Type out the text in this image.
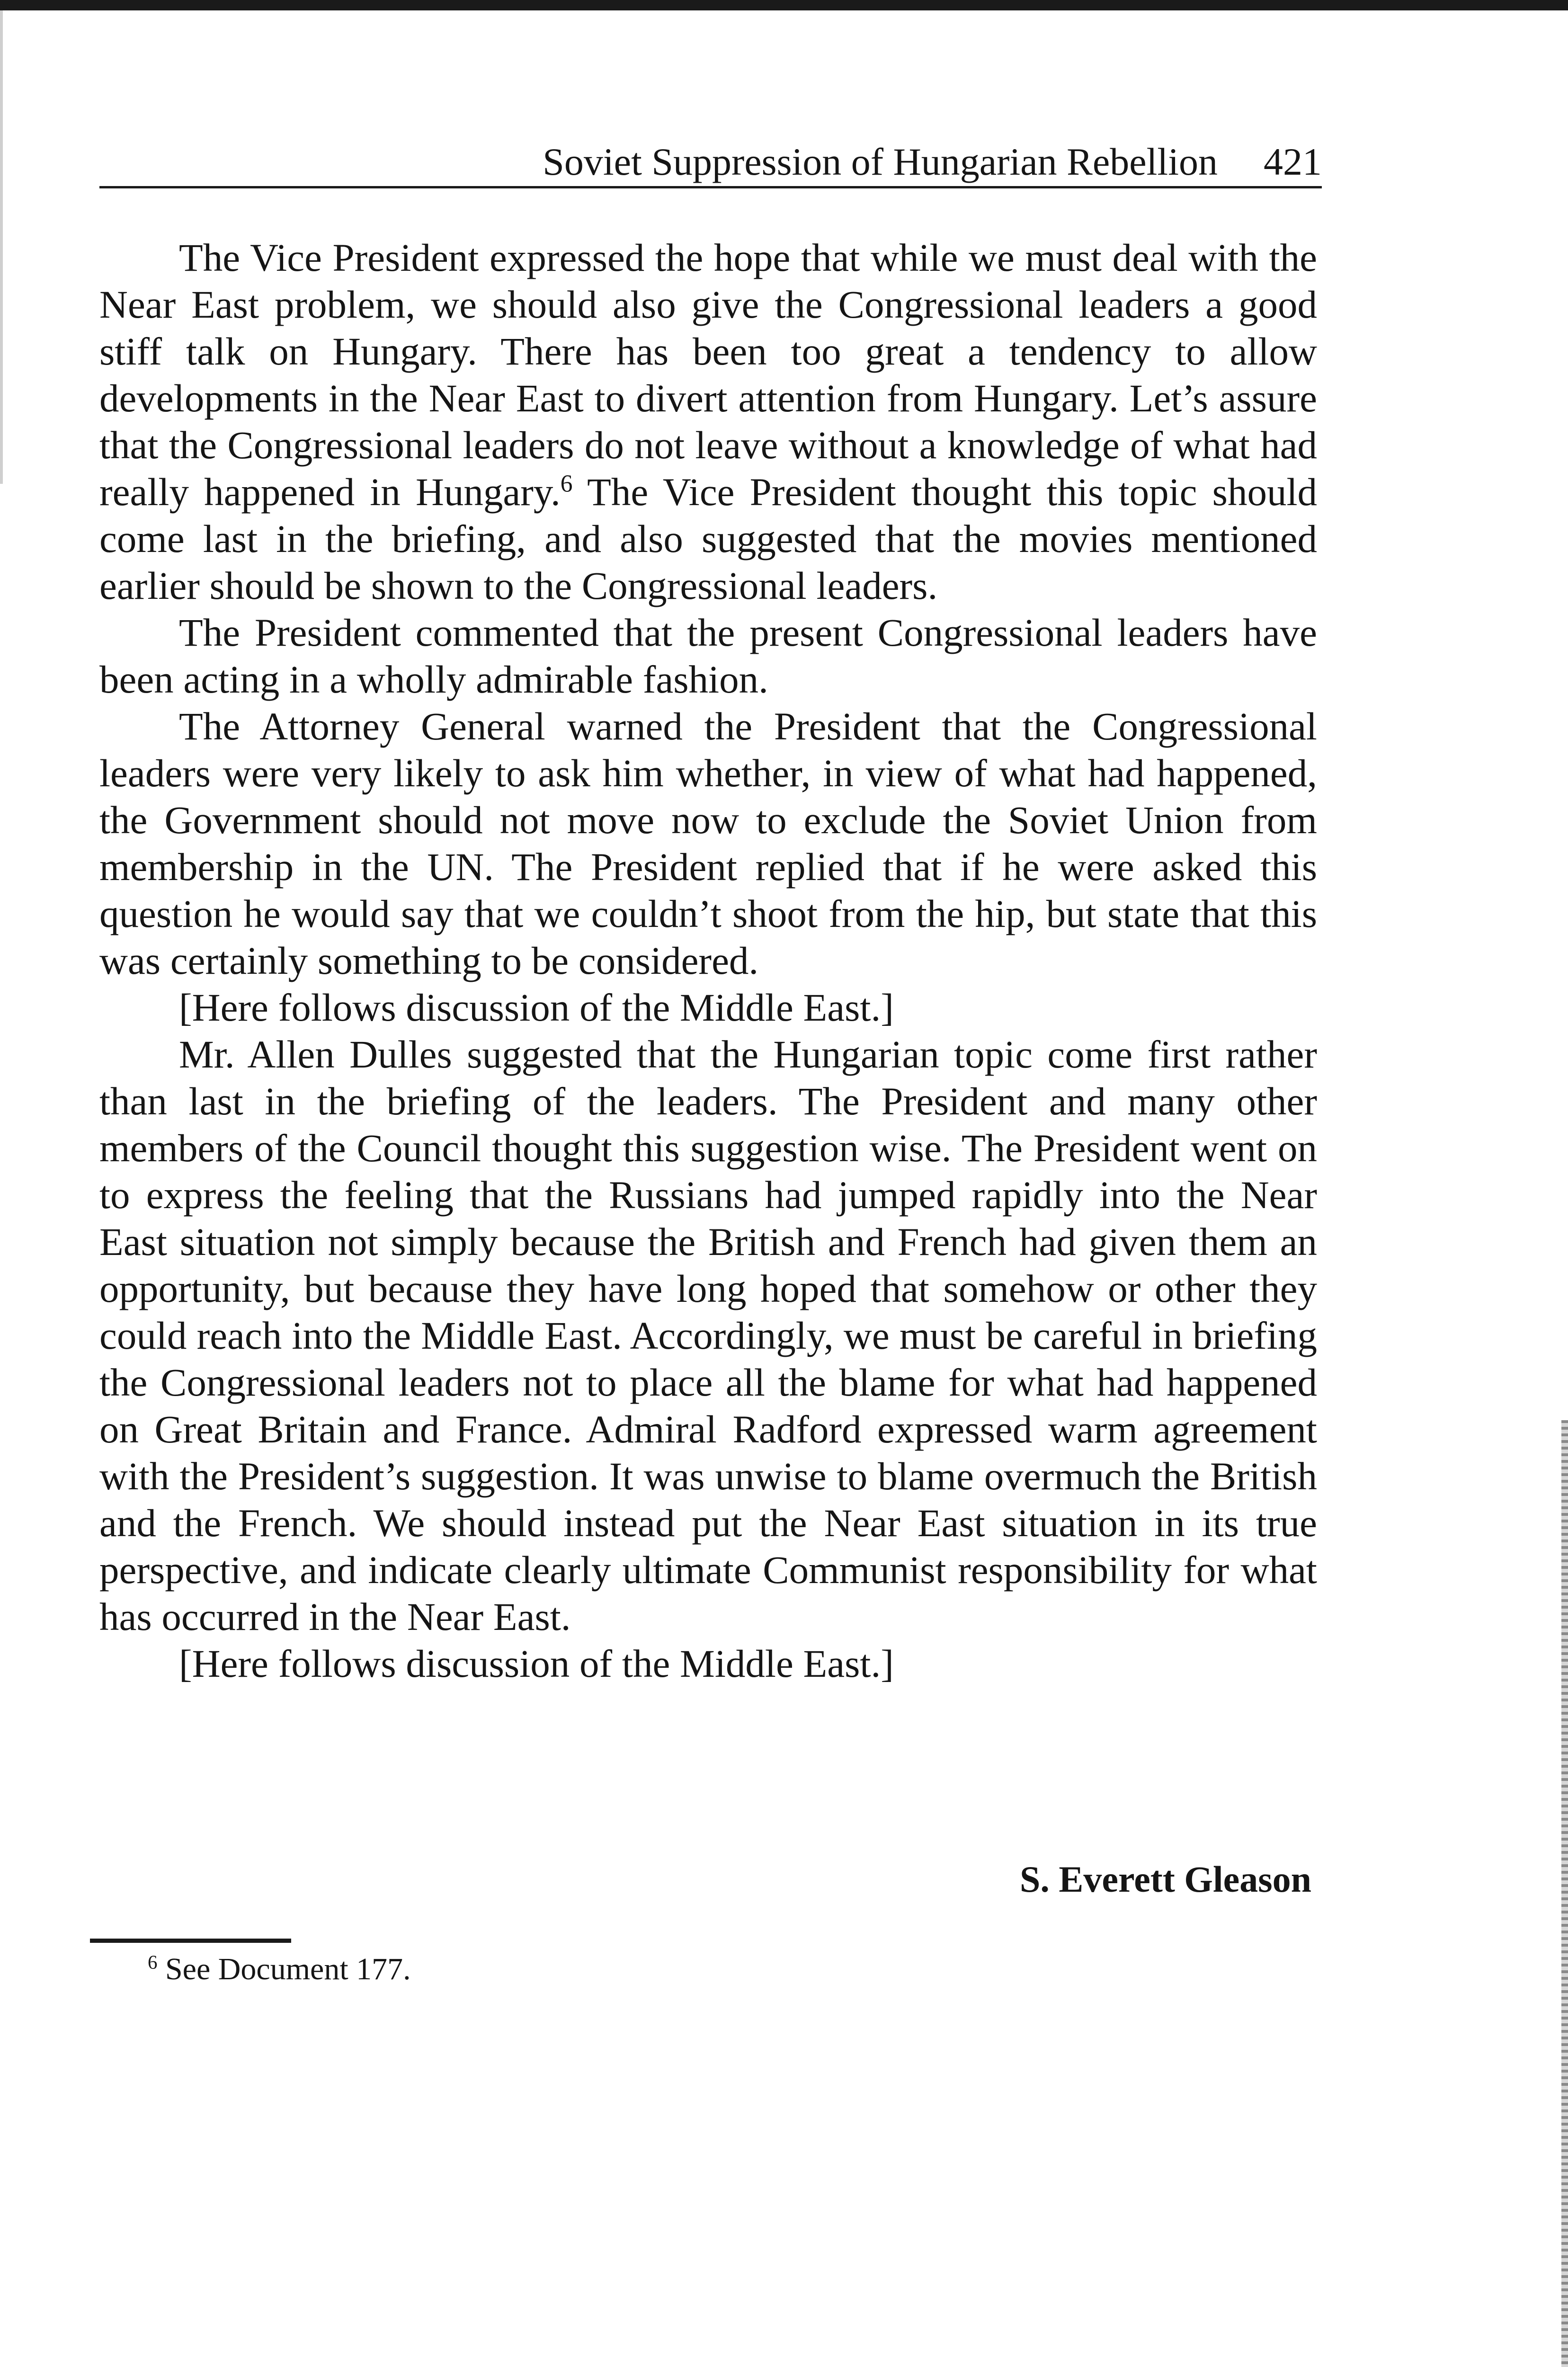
Soviet Suppression of Hungarian Rebellion 421

The Vice President expressed the hope that while we must deal with the Near East problem, we should also give the Congressional leaders a good stiff talk on Hungary. There has been too great a tendency to allow developments in the Near East to divert attention from Hungary. Let’s assure that the Congressional leaders do not leave without a knowledge of what had really happened in Hungary.$^6$ The Vice President thought this topic should come last in the briefing, and also suggested that the movies mentioned earlier should be shown to the Congressional leaders.

The President commented that the present Congressional leaders have been acting in a wholly admirable fashion.

The Attorney General warned the President that the Congressional leaders were very likely to ask him whether, in view of what had happened, the Government should not move now to exclude the Soviet Union from membership in the UN. The President replied that if he were asked this question he would say that we couldn’t shoot from the hip, but state that this was certainly something to be considered.

[Here follows discussion of the Middle East.]

Mr. Allen Dulles suggested that the Hungarian topic come first rather than last in the briefing of the leaders. The President and many other members of the Council thought this suggestion wise. The President went on to express the feeling that the Russians had jumped rapidly into the Near East situation not simply because the British and French had given them an opportunity, but because they have long hoped that somehow or other they could reach into the Middle East. Accordingly, we must be careful in briefing the Congressional leaders not to place all the blame for what had happened on Great Britain and France. Admiral Radford expressed warm agreement with the President’s suggestion. It was unwise to blame overmuch the British and the French. We should instead put the Near East situation in its true perspective, and indicate clearly ultimate Communist responsibility for what has occurred in the Near East.

[Here follows discussion of the Middle East.]

S. Everett Gleason
$^6$ See Document 177.
